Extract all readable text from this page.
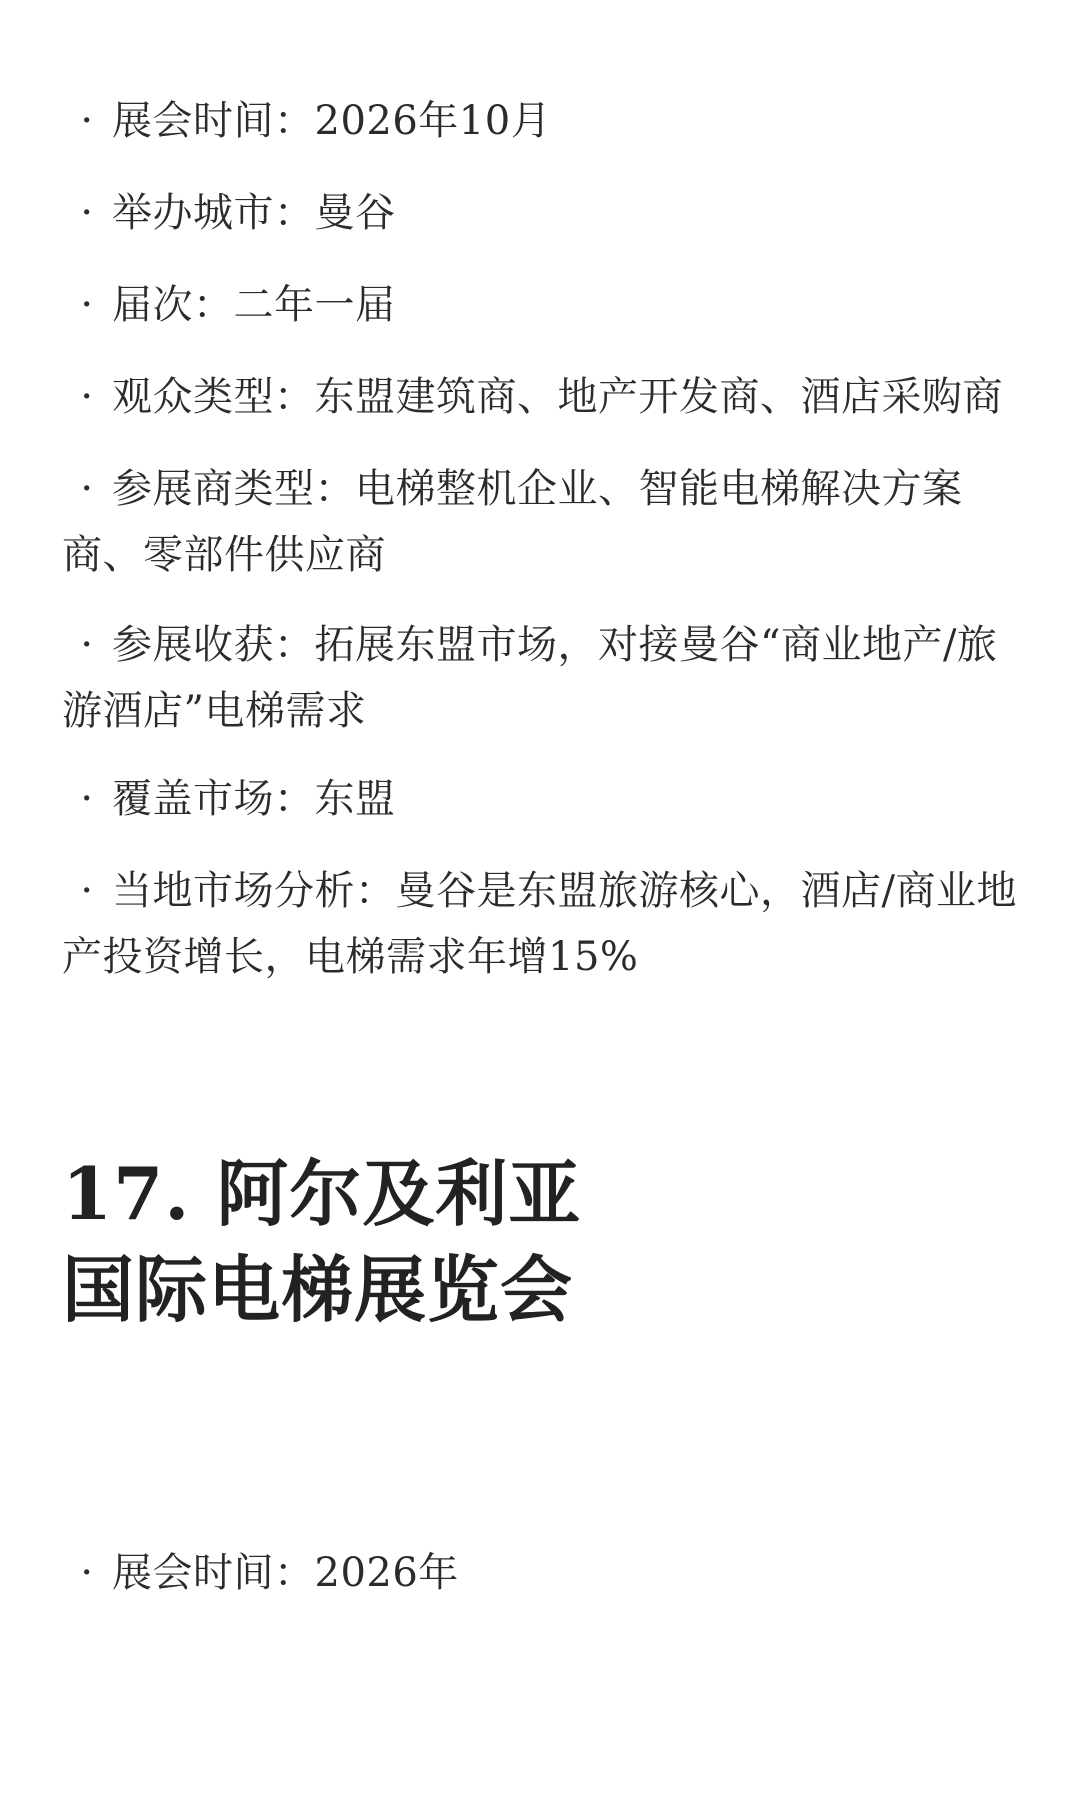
· 展会时间：2026年10月
· 举办城市：曼谷
· 届次：二年一届
· 观众类型：东盟建筑商、地产开发商、酒店采购商
· 参展商类型：电梯整机企业、智能电梯解决方案商、零部件供应商
· 参展收获：拓展东盟市场，对接曼谷“商业地产/旅游酒店”电梯需求
· 覆盖市场：东盟
· 当地市场分析：曼谷是东盟旅游核心，酒店/商业地产投资增长，电梯需求年增15%
17. 阿尔及利亚
国际电梯展览会
· 展会时间：2026年
